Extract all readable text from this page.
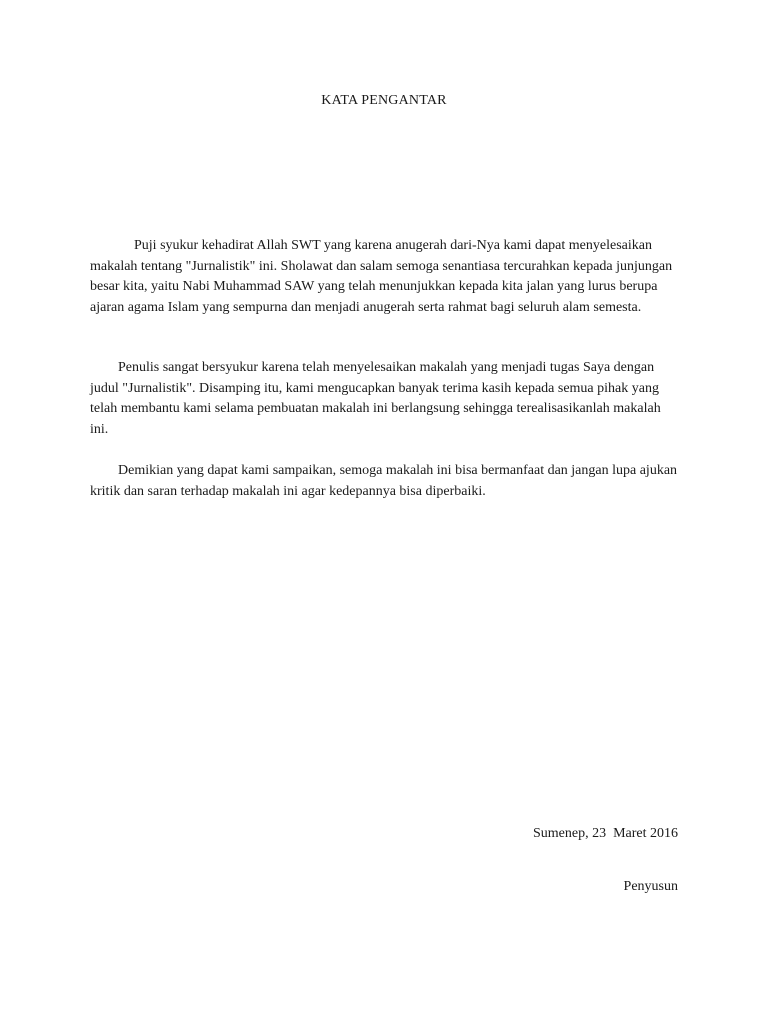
KATA PENGANTAR

Puji syukur kehadirat Allah SWT yang karena anugerah dari-Nya kami dapat menyelesaikan makalah tentang "Jurnalistik" ini. Sholawat dan salam semoga senantiasa tercurahkan kepada junjungan besar kita, yaitu Nabi Muhammad SAW yang telah menunjukkan kepada kita jalan yang lurus berupa ajaran agama Islam yang sempurna dan menjadi anugerah serta rahmat bagi seluruh alam semesta.

Penulis sangat bersyukur karena telah menyelesaikan makalah yang menjadi tugas Saya dengan judul "Jurnalistik". Disamping itu, kami mengucapkan banyak terima kasih kepada semua pihak yang telah membantu kami selama pembuatan makalah ini berlangsung sehingga terealisasikanlah makalah ini.

Demikian yang dapat kami sampaikan, semoga makalah ini bisa bermanfaat dan jangan lupa ajukan kritik dan saran terhadap makalah ini agar kedepannya bisa diperbaiki.

Sumenep, 23  Maret 2016

Penyusun
